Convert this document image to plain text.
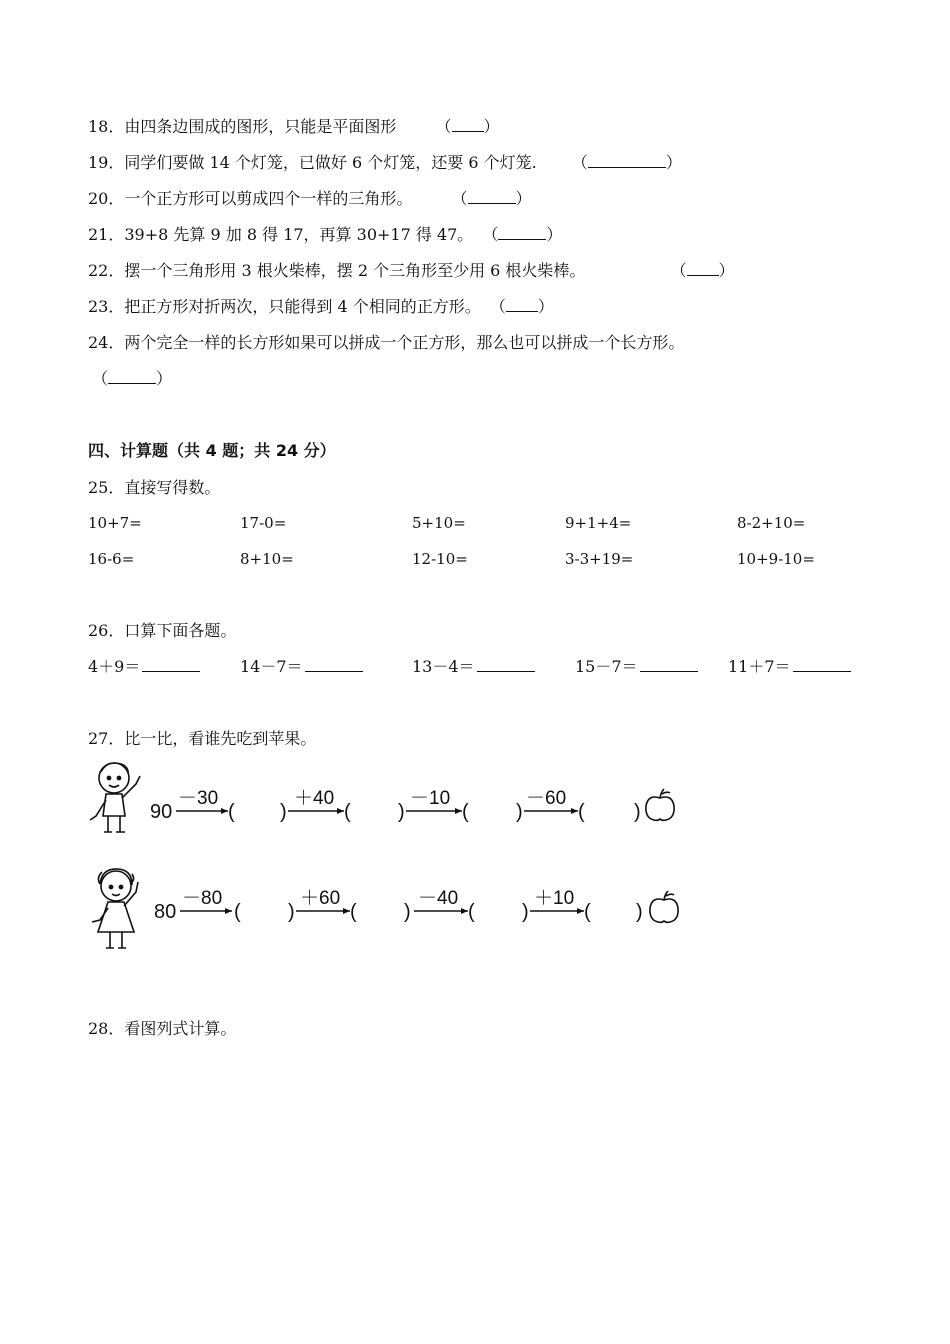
18．由四条边围成的图形，只能是平面图形 （ ）
19．同学们要做 14 个灯笼，已做好 6 个灯笼，还要 6 个灯笼. （	）
20．一个正方形可以剪成四个一样的三角形。 （	）
21．39+8 先算 9 加 8 得 17，再算 30+17 得 47。 （	）
22．摆一个三角形用 3 根火柴棒，摆 2 个三角形至少用 6 根火柴棒。	（ ）
23．把正方形对折两次，只能得到 4 个相同的正方形。 （ ）
24．两个完全一样的长方形如果可以拼成一个正方形，那么也可以拼成一个长方形。
（	）
四、计算题（共 4 题；共 24 分）
25．直接写得数。
10+7=	17-0=	5+10=	9+1+4=	8-2+10=
16-6=	8+10=	12-10=	3-3+19=	10+9-10=
26．口算下面各题。
4＋9＝	14－7＝	13－4＝	15－7＝	11＋7＝
27．比一比，看谁先吃到苹果。
90
－30
( )
＋40
( )
－10
( )
－60
( )
80
－80
( )
＋60
( )
－40
( )
＋10
( )
28．看图列式计算。
